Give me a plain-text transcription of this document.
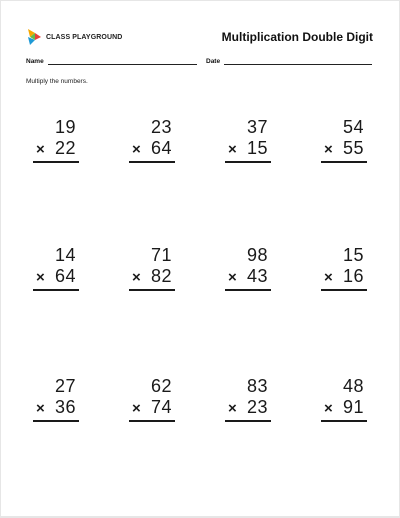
CLASS PLAYGROUND	Multiplication Double Digit
Name	Date
Multiply the numbers.
19
× 22
23
× 64
37
× 15
54
× 55
14
× 64
71
× 82
98
× 43
15
× 16
27
× 36
62
× 74
83
× 23
48
× 91
